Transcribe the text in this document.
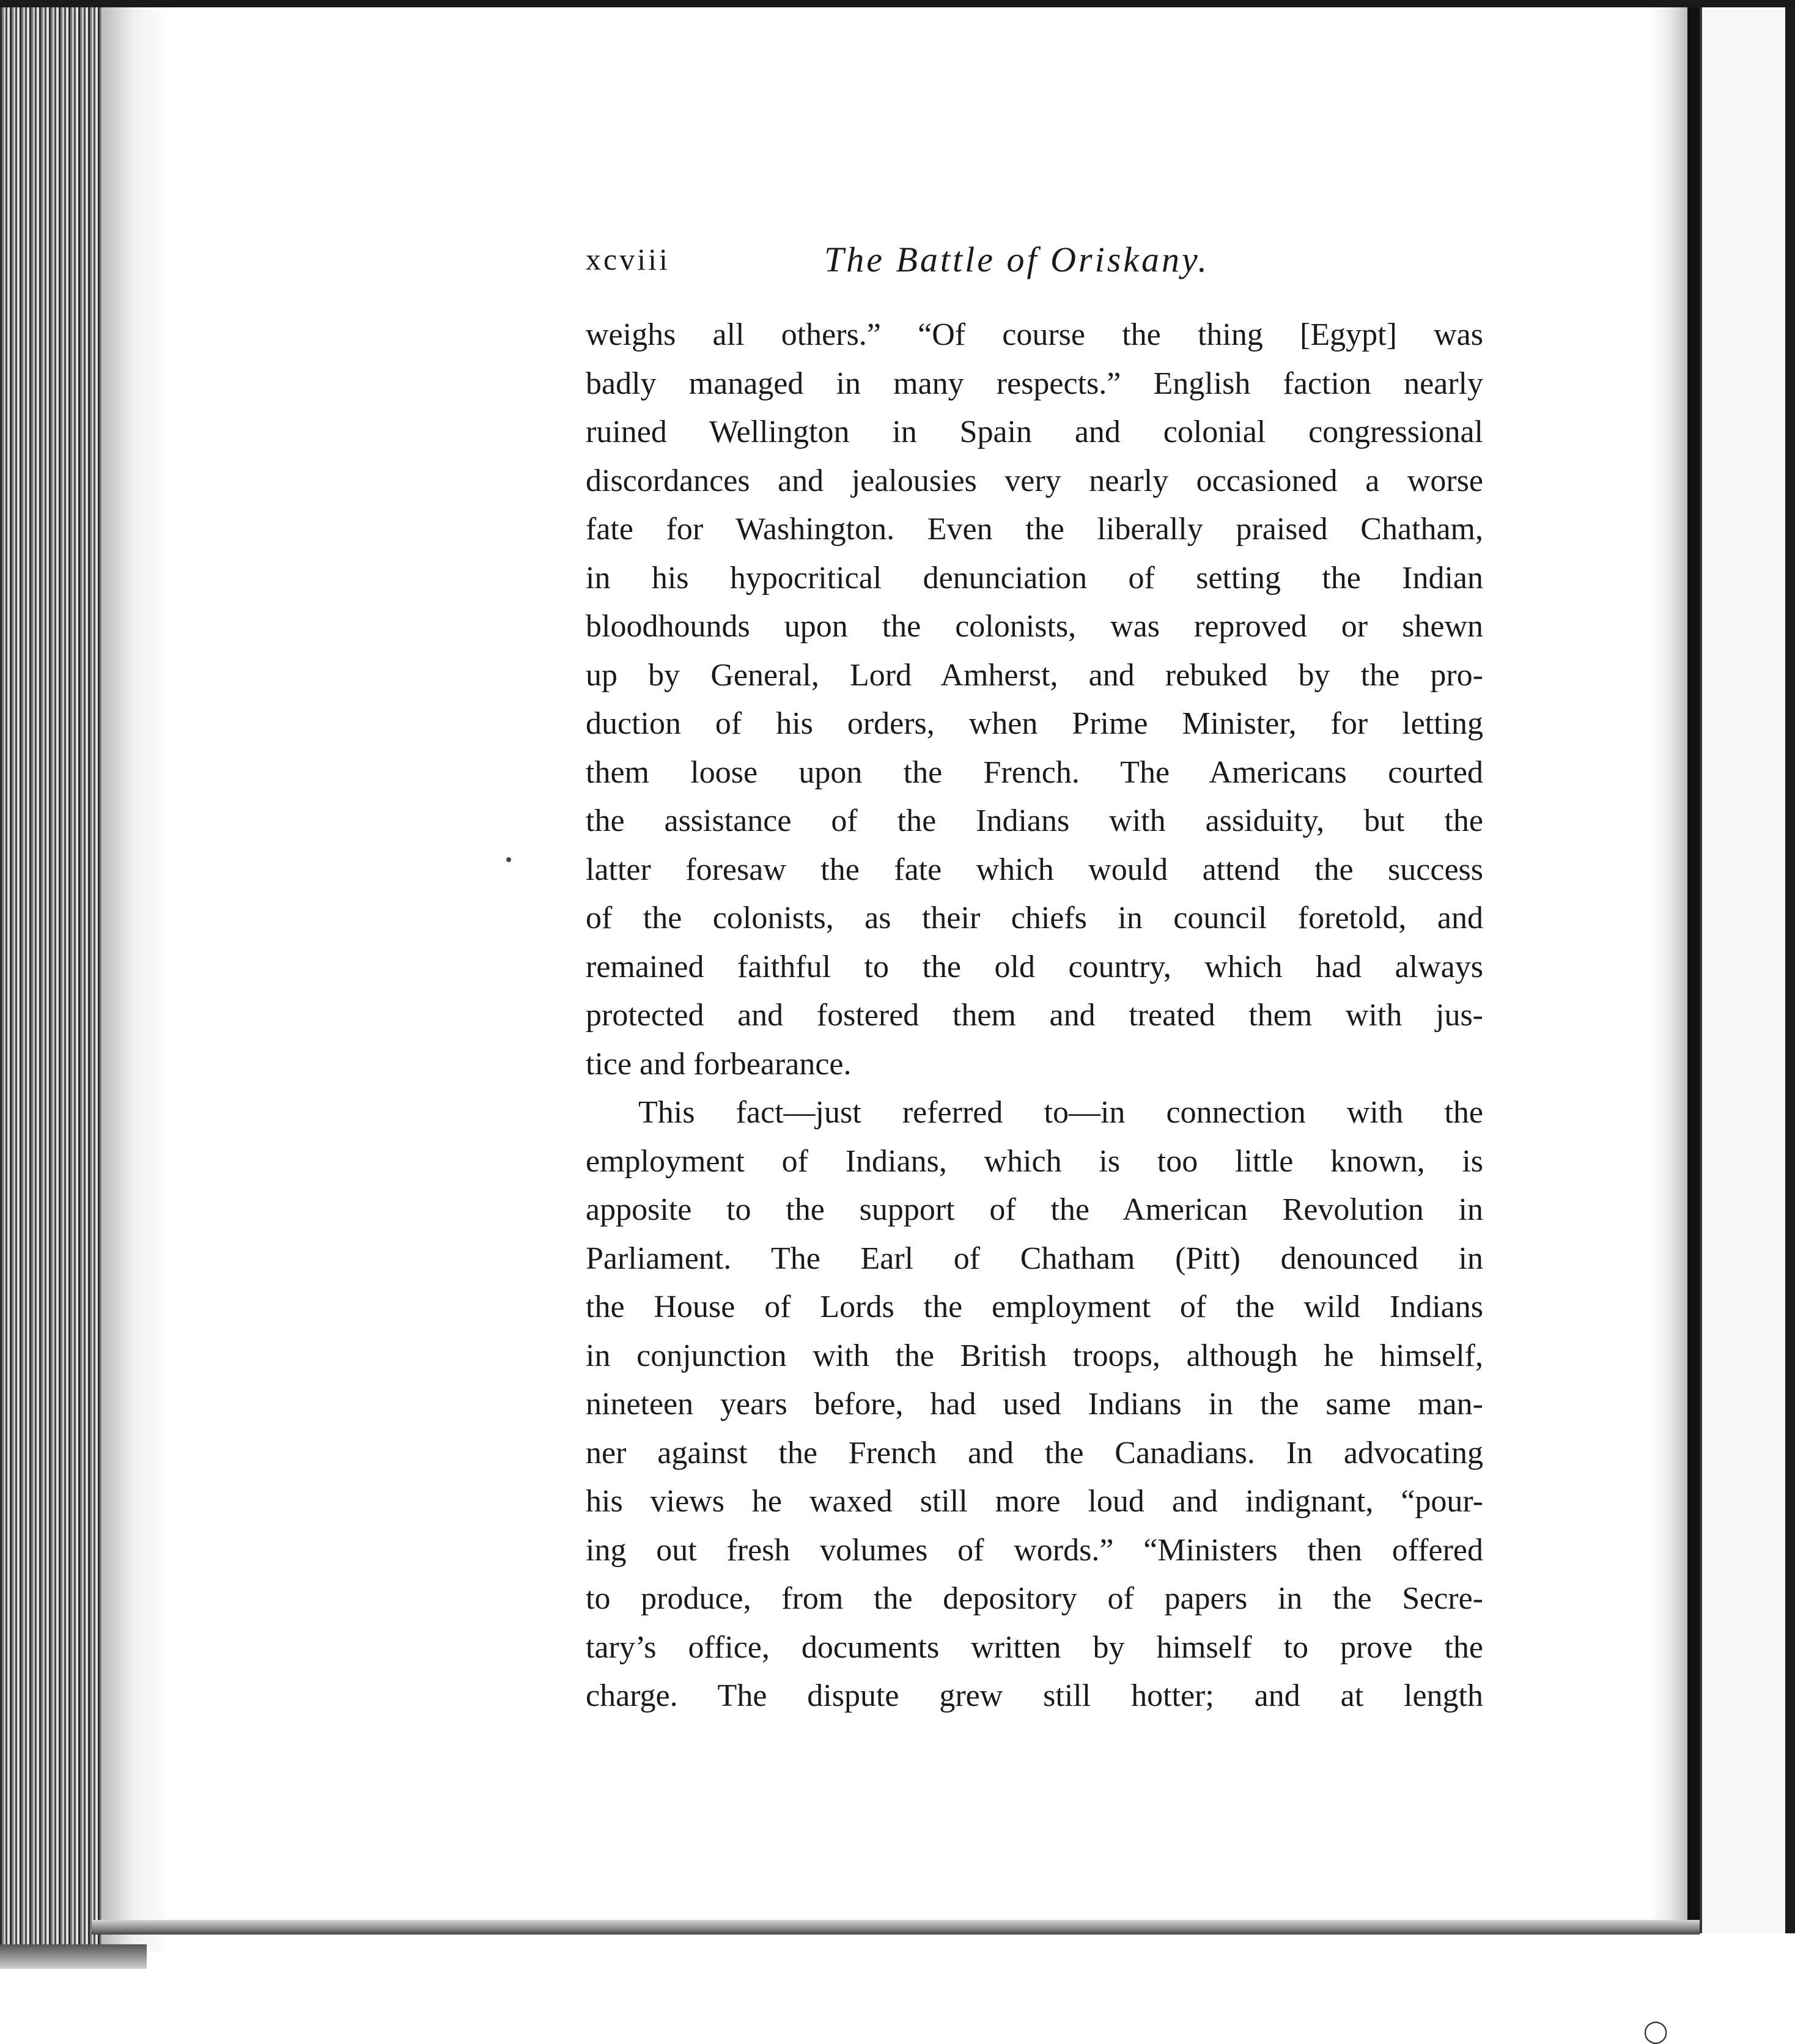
◯
xcviii	The Battle of Oriskany.
weighs all others.” “Of course the thing [Egypt] was
badly managed in many respects.” English faction nearly
ruined Wellington in Spain and colonial congressional
discordances and jealousies very nearly occasioned a worse
fate for Washington. Even the liberally praised Chatham,
in his hypocritical denunciation of setting the Indian
bloodhounds upon the colonists, was reproved or shewn
up by General, Lord Amherst, and rebuked by the pro-
duction of his orders, when Prime Minister, for letting
them loose upon the French. The Americans courted
the assistance of the Indians with assiduity, but the
latter foresaw the fate which would attend the success
of the colonists, as their chiefs in council foretold, and
remained faithful to the old country, which had always
protected and fostered them and treated them with jus-
tice and forbearance.
This fact—just referred to—in connection with the
employment of Indians, which is too little known, is
apposite to the support of the American Revolution in
Parliament. The Earl of Chatham (Pitt) denounced in
the House of Lords the employment of the wild Indians
in conjunction with the British troops, although he himself,
nineteen years before, had used Indians in the same man-
ner against the French and the Canadians. In advocating
his views he waxed still more loud and indignant, “pour-
ing out fresh volumes of words.” “Ministers then offered
to produce, from the depository of papers in the Secre-
tary’s office, documents written by himself to prove the
charge. The dispute grew still hotter; and at length
